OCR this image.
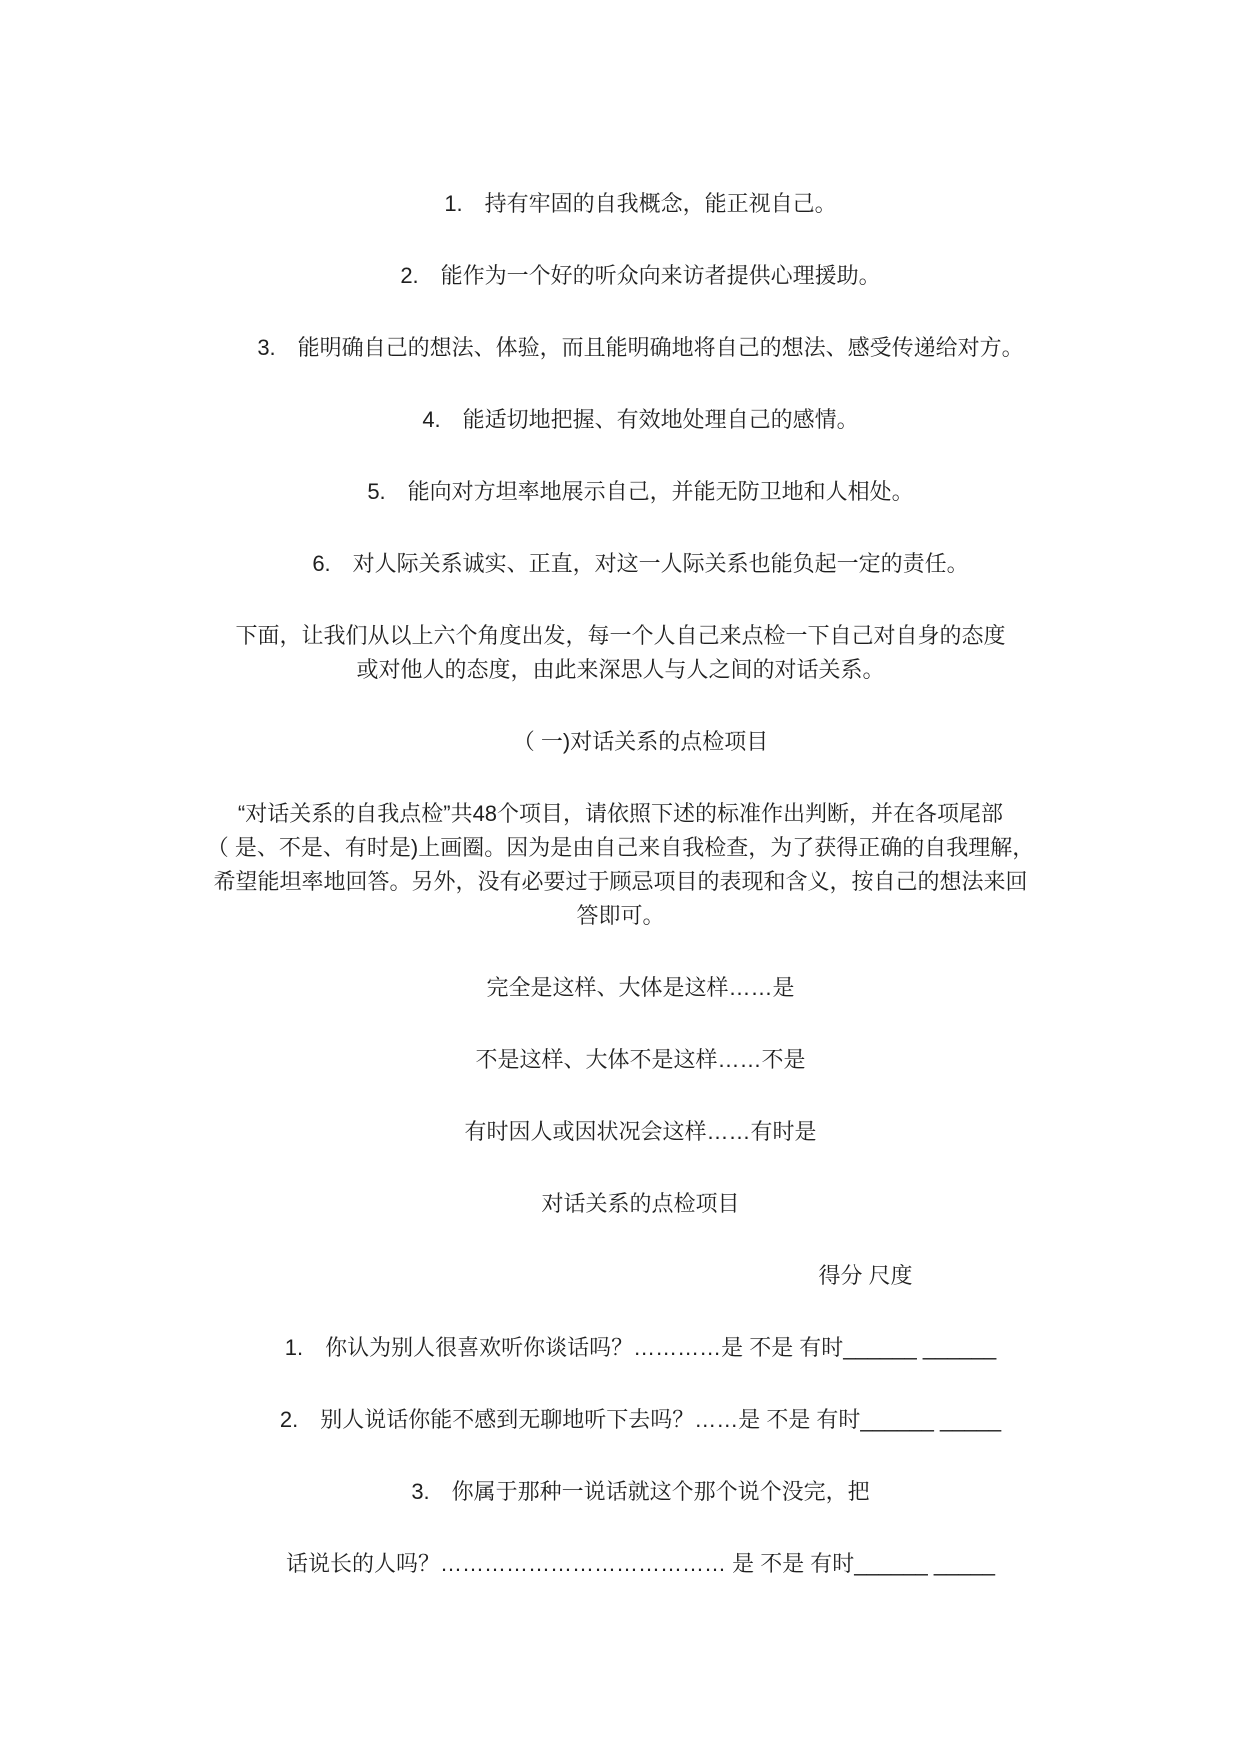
1.　持有牢固的自我概念，能正视自己。
2.　能作为一个好的听众向来访者提供心理援助。
3.　能明确自己的想法、体验，而且能明确地将自己的想法、感受传递给对方。
4.　能适切地把握、有效地处理自己的感情。
5.　能向对方坦率地展示自己，并能无防卫地和人相处。
6.　对人际关系诚实、正直，对这一人际关系也能负起一定的责任。
下面，让我们从以上六个角度出发，每一个人自己来点检一下自己对自身的态度
或对他人的态度，由此来深思人与人之间的对话关系。
（ 一)对话关系的点检项目
“对话关系的自我点检”共48个项目，请依照下述的标准作出判断，并在各项尾部
（ 是、不是、有时是)上画圈。因为是由自己来自我检查，为了获得正确的自我理解，
希望能坦率地回答。另外，没有必要过于顾忌项目的表现和含义，按自己的想法来回
答即可。
完全是这样、大体是这样……是
不是这样、大体不是这样……不是
有时因人或因状况会这样……有时是
对话关系的点检项目
得分 尺度
1.　你认为别人很喜欢听你谈话吗？…………是 不是 有时______ ______
2.　别人说话你能不感到无聊地听下去吗？……是 不是 有时______ _____
3.　你属于那种一说话就这个那个说个没完，把
话说长的人吗？………………………………… 是 不是 有时______ _____
